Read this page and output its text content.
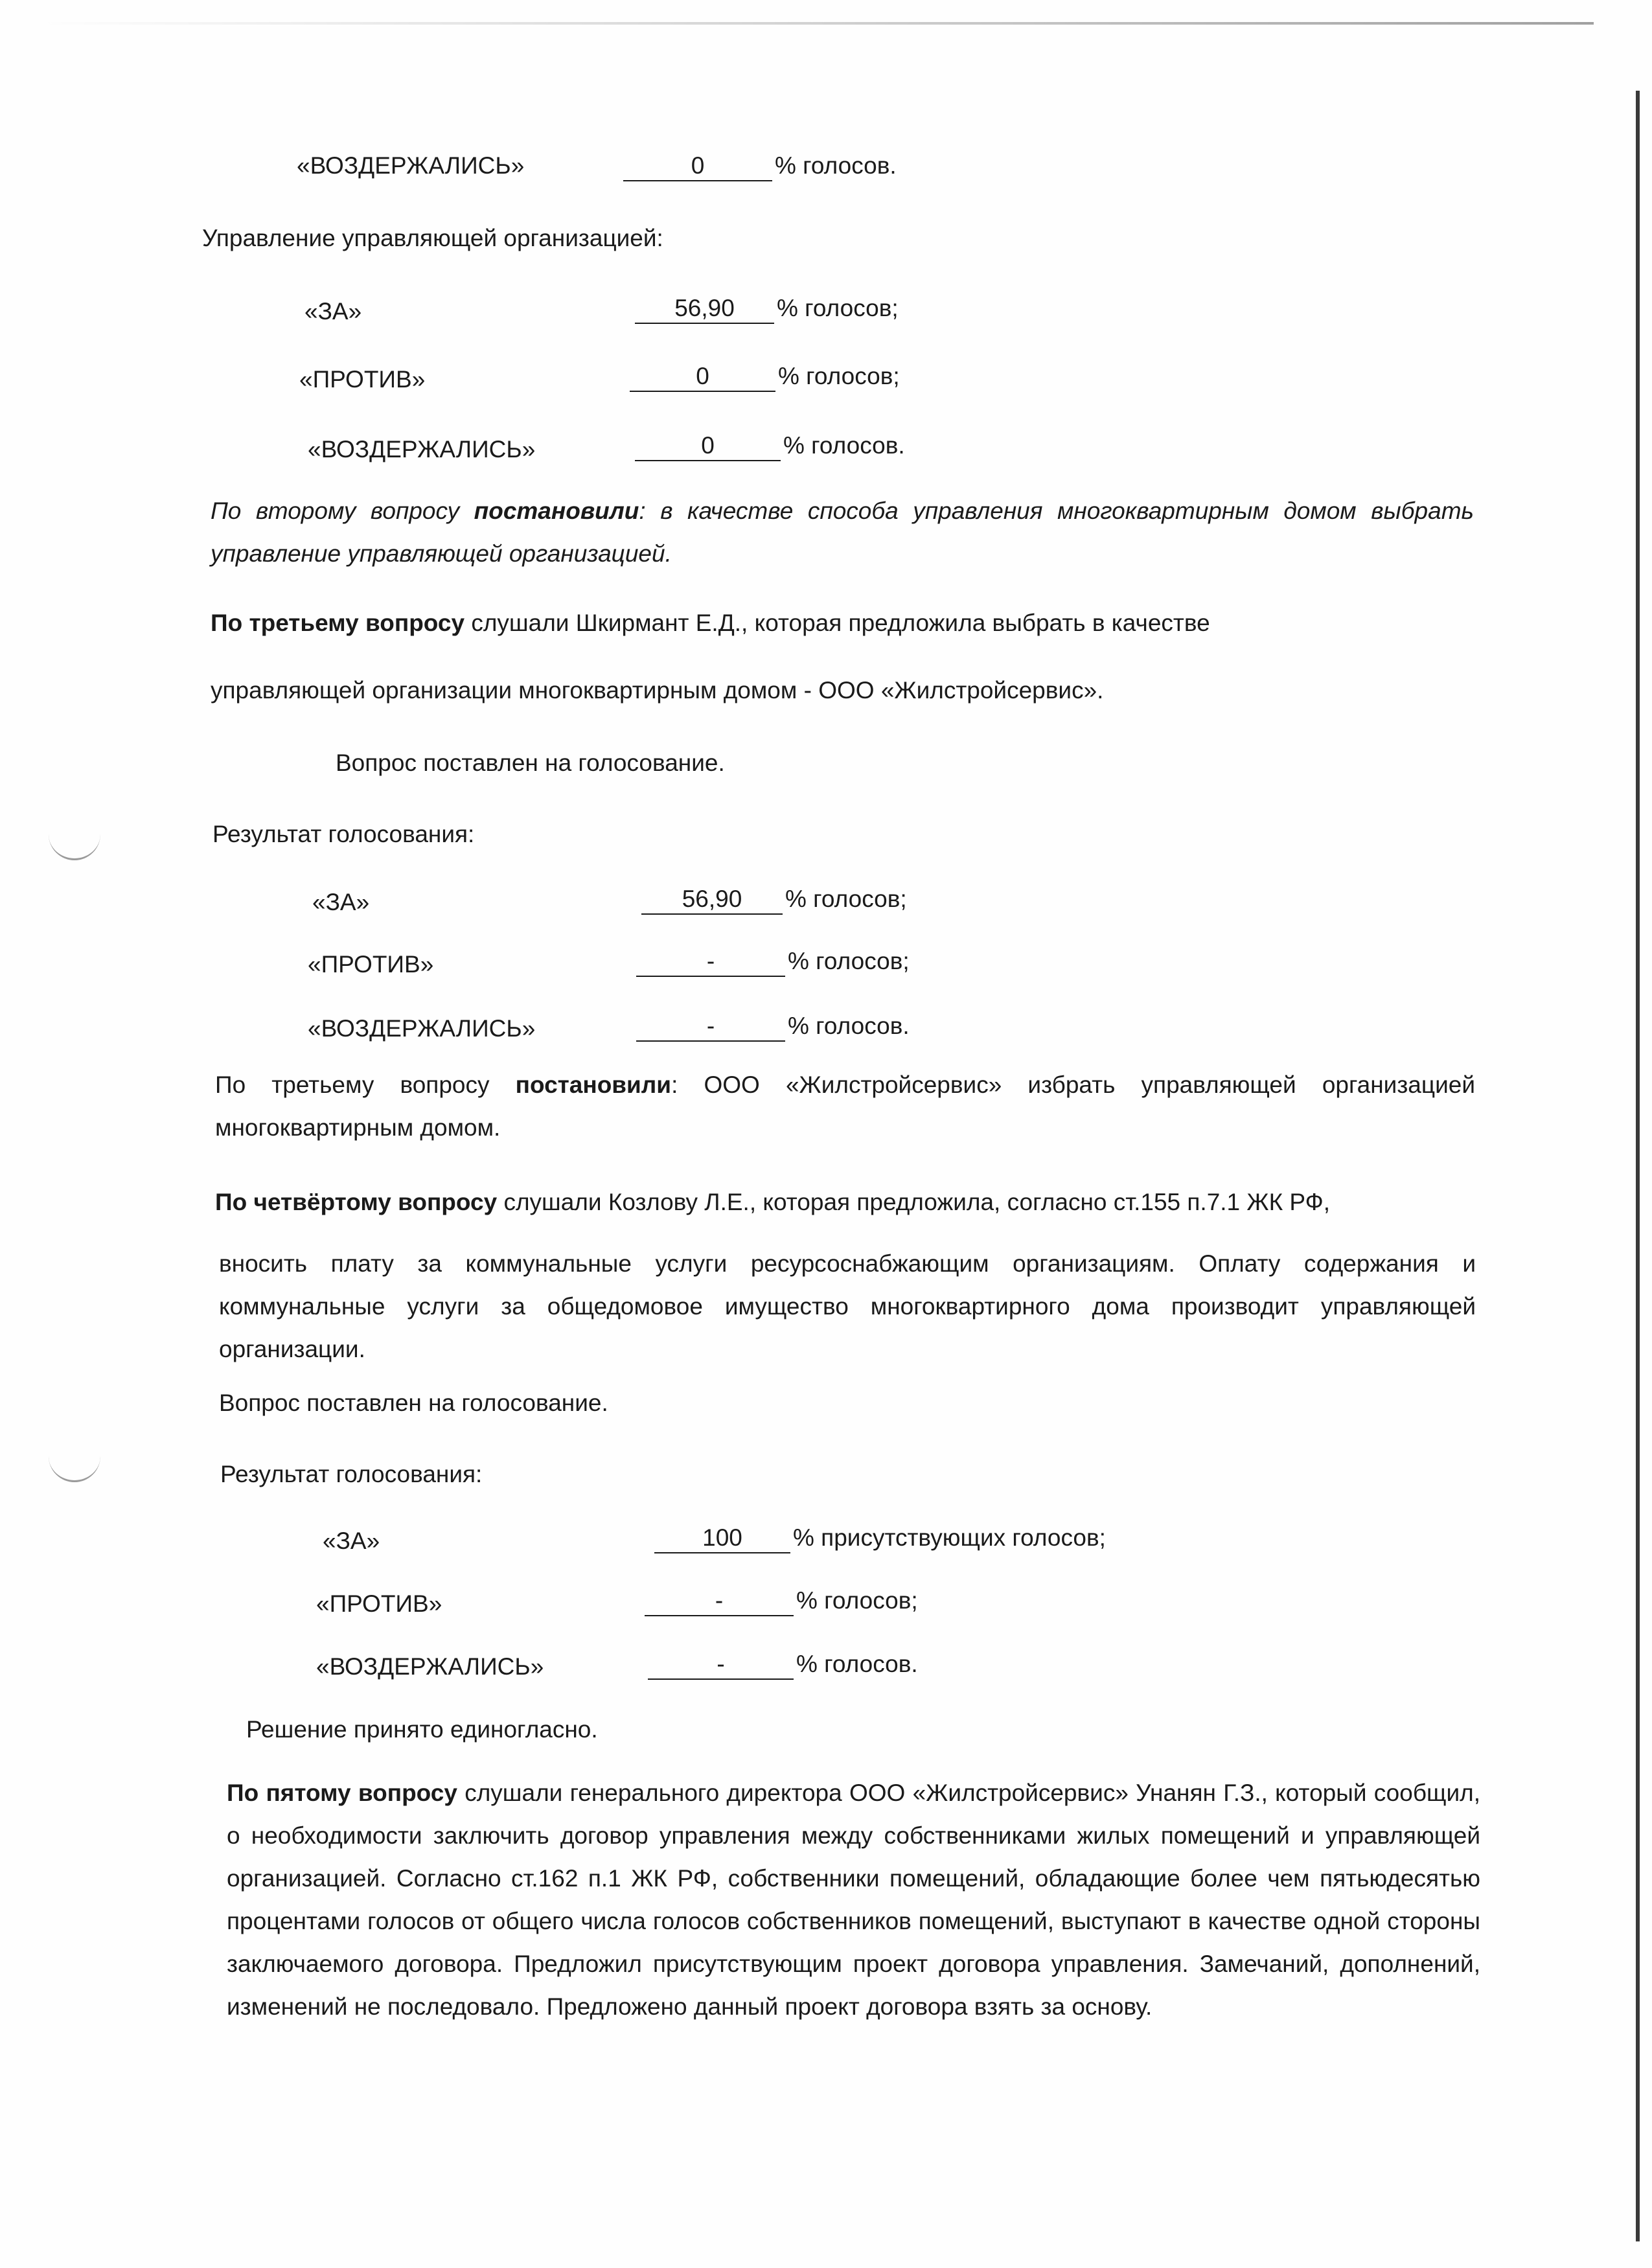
«ВОЗДЕРЖАЛИСЬ»	0	% голосов.
Управление управляющей организацией:
«ЗА»	56,90	% голосов;
«ПРОТИВ»	0	% голосов;
«ВОЗДЕРЖАЛИСЬ»	0	% голосов.
По второму вопросу постановили: в качестве способа управления многоквартирным домом выбрать управление управляющей организацией.
По третьему вопросу слушали Шкирмант Е.Д., которая предложила выбрать в качестве
управляющей организации многоквартирным домом - ООО «Жилстройсервис».
Вопрос поставлен на голосование.
Результат голосования:
«ЗА»	56,90	% голосов;
«ПРОТИВ»	-	% голосов;
«ВОЗДЕРЖАЛИСЬ»	-	% голосов.
По третьему вопросу постановили: ООО «Жилстройсервис» избрать управляющей организацией многоквартирным домом.
По четвёртому вопросу слушали Козлову Л.Е., которая предложила, согласно ст.155 п.7.1 ЖК РФ,
вносить плату за коммунальные услуги ресурсоснабжающим организациям. Оплату содержания и коммунальные услуги за общедомовое имущество многоквартирного дома производит управляющей организации.
Вопрос поставлен на голосование.
Результат голосования:
«ЗА»	100	% присутствующих голосов;
«ПРОТИВ»	-	% голосов;
«ВОЗДЕРЖАЛИСЬ»	-	% голосов.
Решение принято единогласно.
По пятому вопросу слушали генерального директора ООО «Жилстройсервис» Унанян Г.З., который сообщил, о необходимости заключить договор управления между собственниками жилых помещений и управляющей организацией. Согласно ст.162 п.1 ЖК РФ, собственники помещений, обладающие более чем пятьюдесятью процентами голосов от общего числа голосов собственников помещений, выступают в качестве одной стороны заключаемого договора. Предложил присутствующим проект договора управления. Замечаний, дополнений, изменений не последовало. Предложено данный проект договора взять за основу.
